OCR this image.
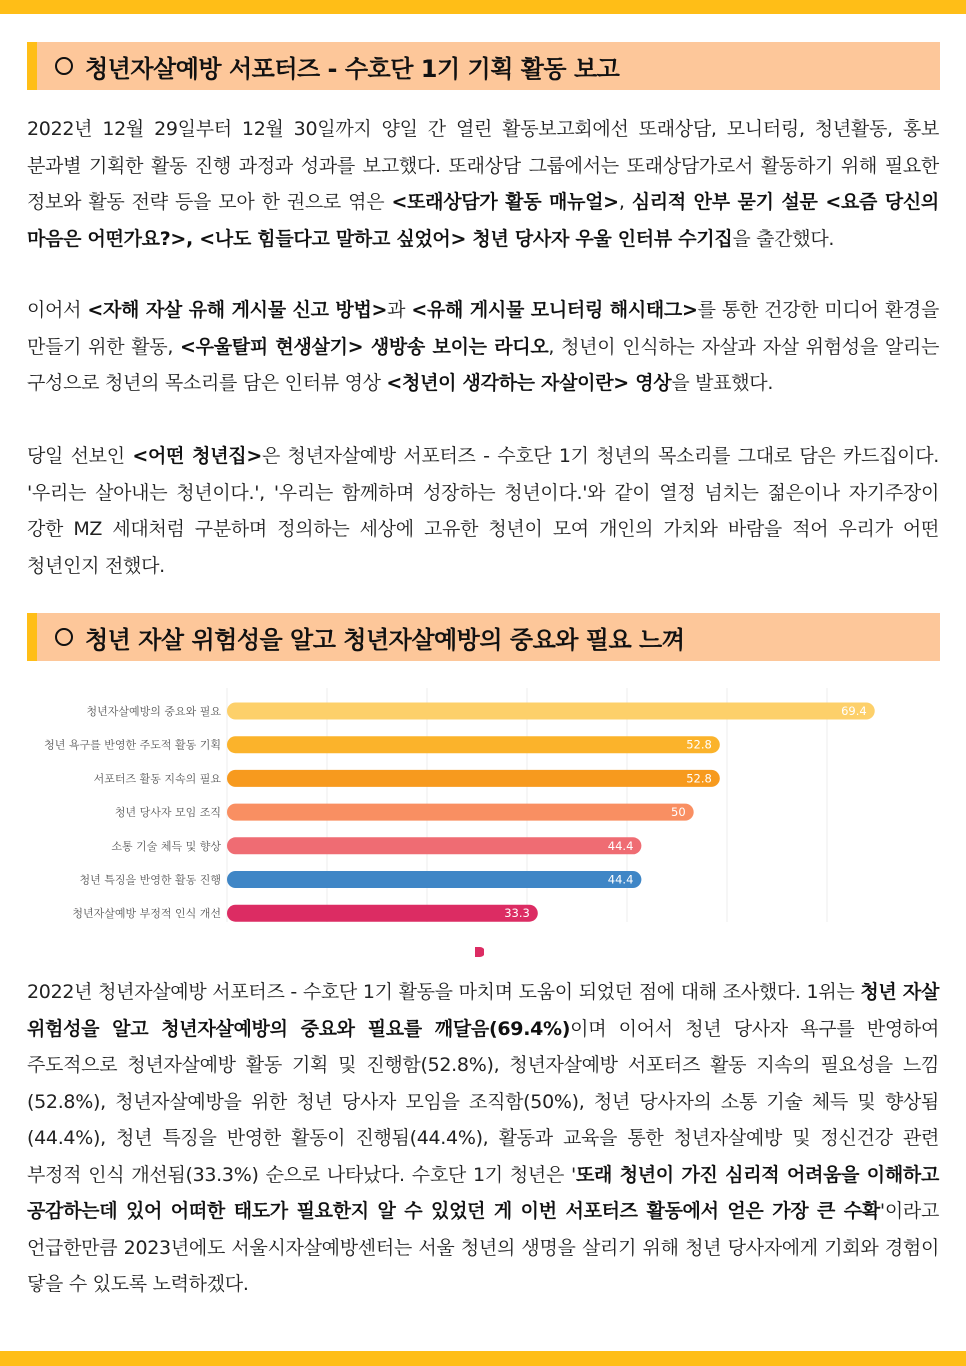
청년자살예방 서포터즈 - 수호단 1기 기획 활동 보고

2022년 12월 29일부터 12월 30일까지 양일 간 열린 활동보고회에선 또래상담, 모니터링, 청년활동, 홍보 분과별 기획한 활동 진행 과정과 성과를 보고했다. 또래상담 그룹에서는 또래상담가로서 활동하기 위해 필요한 정보와 활동 전략 등을 모아 한 권으로 엮은 <또래상담가 활동 매뉴얼>, 심리적 안부 묻기 설문 <요즘 당신의 마음은 어떤가요?>, <나도 힘들다고 말하고 싶었어> 청년 당사자 우울 인터뷰 수기집을 출간했다.

이어서 <자해 자살 유해 게시물 신고 방법>과 <유해 게시물 모니터링 해시태그>를 통한 건강한 미디어 환경을 만들기 위한 활동, <우울탈피 현생살기> 생방송 보이는 라디오, 청년이 인식하는 자살과 자살 위험성을 알리는 구성으로 청년의 목소리를 담은 인터뷰 영상 <청년이 생각하는 자살이란> 영상을 발표했다.

당일 선보인 <어떤 청년집>은 청년자살예방 서포터즈 - 수호단 1기 청년의 목소리를 그대로 담은 카드집이다. '우리는 살아내는 청년이다.', '우리는 함께하며 성장하는 청년이다.'와 같이 열정 넘치는 젊은이나 자기주장이 강한 MZ 세대처럼 구분하며 정의하는 세상에 고유한 청년이 모여 개인의 가치와 바람을 적어 우리가 어떤 청년인지 전했다.

청년 자살 위험성을 알고 청년자살예방의 중요와 필요 느껴
청년자살예방의 중요와 필요	69.4
청년 욕구를 반영한 주도적 활동 기획	52.8
서포터즈 활동 지속의 필요	52.8
청년 당사자 모임 조직	50
소통 기술 체득 및 향상	44.4
청년 특징을 반영한 활동 진행	44.4
청년자살예방 부정적 인식 개선	33.3

2022년 청년자살예방 서포터즈 - 수호단 1기 활동을 마치며 도움이 되었던 점에 대해 조사했다. 1위는 청년 자살 위험성을 알고 청년자살예방의 중요와 필요를 깨달음(69.4%)이며 이어서 청년 당사자 욕구를 반영하여 주도적으로 청년자살예방 활동 기획 및 진행함(52.8%), 청년자살예방 서포터즈 활동 지속의 필요성을 느낌(52.8%), 청년자살예방을 위한 청년 당사자 모임을 조직함(50%), 청년 당사자의 소통 기술 체득 및 향상됨(44.4%), 청년 특징을 반영한 활동이 진행됨(44.4%), 활동과 교육을 통한 청년자살예방 및 정신건강 관련 부정적 인식 개선됨(33.3%) 순으로 나타났다. 수호단 1기 청년은 '또래 청년이 가진 심리적 어려움을 이해하고 공감하는데 있어 어떠한 태도가 필요한지 알 수 있었던 게 이번 서포터즈 활동에서 얻은 가장 큰 수확'이라고 언급한만큼 2023년에도 서울시자살예방센터는 서울 청년의 생명을 살리기 위해 청년 당사자에게 기회와 경험이 닿을 수 있도록 노력하겠다.
